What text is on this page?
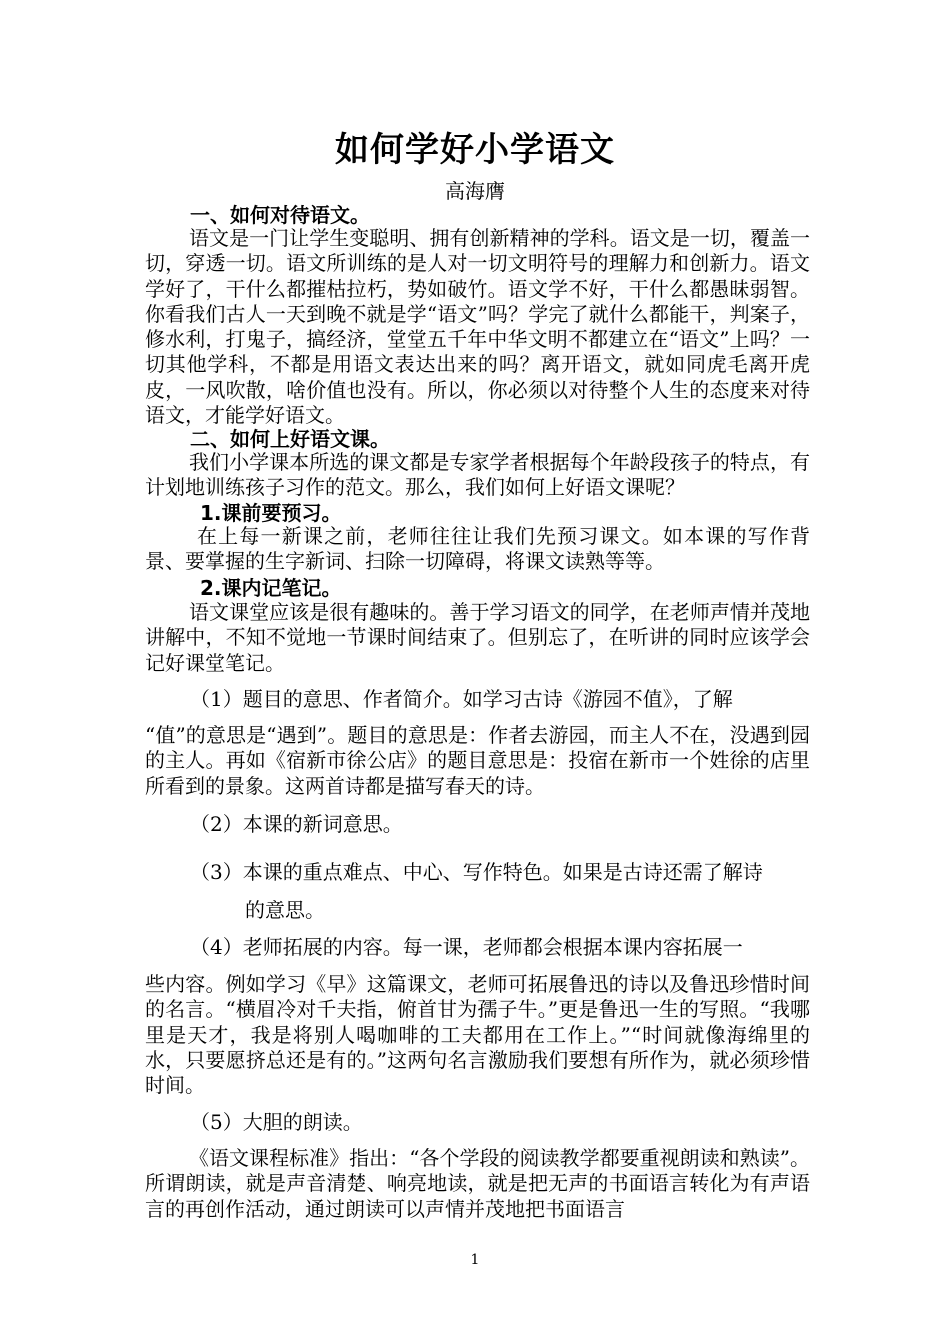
如何学好小学语文
高海膺
一、如何对待语文。
语文是一门让学生变聪明、拥有创新精神的学科。语文是一切，覆盖一切，穿透一切。语文所训练的是人对一切文明符号的理解力和创新力。语文学好了，干什么都摧枯拉朽，势如破竹。语文学不好，干什么都愚昧弱智。你看我们古人一天到晚不就是学“语文”吗？学完了就什么都能干，判案子，修水利，打鬼子，搞经济，堂堂五千年中华文明不都建立在“语文”上吗？一切其他学科，不都是用语文表达出来的吗？离开语文，就如同虎毛离开虎皮，一风吹散，啥价值也没有。所以，你必须以对待整个人生的态度来对待语文，才能学好语文。
二、如何上好语文课。
我们小学课本所选的课文都是专家学者根据每个年龄段孩子的特点，有计划地训练孩子习作的范文。那么，我们如何上好语文课呢？
1.课前要预习。
在上每一新课之前，老师往往让我们先预习课文。如本课的写作背景、要掌握的生字新词、扫除一切障碍，将课文读熟等等。
2.课内记笔记。
语文课堂应该是很有趣味的。善于学习语文的同学，在老师声情并茂地讲解中，不知不觉地一节课时间结束了。但别忘了，在听讲的同时应该学会记好课堂笔记。
（1）题目的意思、作者简介。如学习古诗《游园不值》，了解
“值”的意思是“遇到”。题目的意思是：作者去游园，而主人不在，没遇到园的主人。再如《宿新市徐公店》的题目意思是：投宿在新市一个姓徐的店里所看到的景象。这两首诗都是描写春天的诗。
（2）本课的新词意思。
（3）本课的重点难点、中心、写作特色。如果是古诗还需了解诗
的意思。
（4）老师拓展的内容。每一课，老师都会根据本课内容拓展一
些内容。例如学习《早》这篇课文，老师可拓展鲁迅的诗以及鲁迅珍惜时间的名言。“横眉冷对千夫指，俯首甘为孺子牛。”更是鲁迅一生的写照。“我哪里是天才，我是将别人喝咖啡的工夫都用在工作上。”“时间就像海绵里的水，只要愿挤总还是有的。”这两句名言激励我们要想有所作为，就必须珍惜时间。
（5）大胆的朗读。
《语文课程标准》指出：“各个学段的阅读教学都要重视朗读和熟读”。所谓朗读，就是声音清楚、响亮地读，就是把无声的书面语言转化为有声语言的再创作活动，通过朗读可以声情并茂地把书面语言
1
